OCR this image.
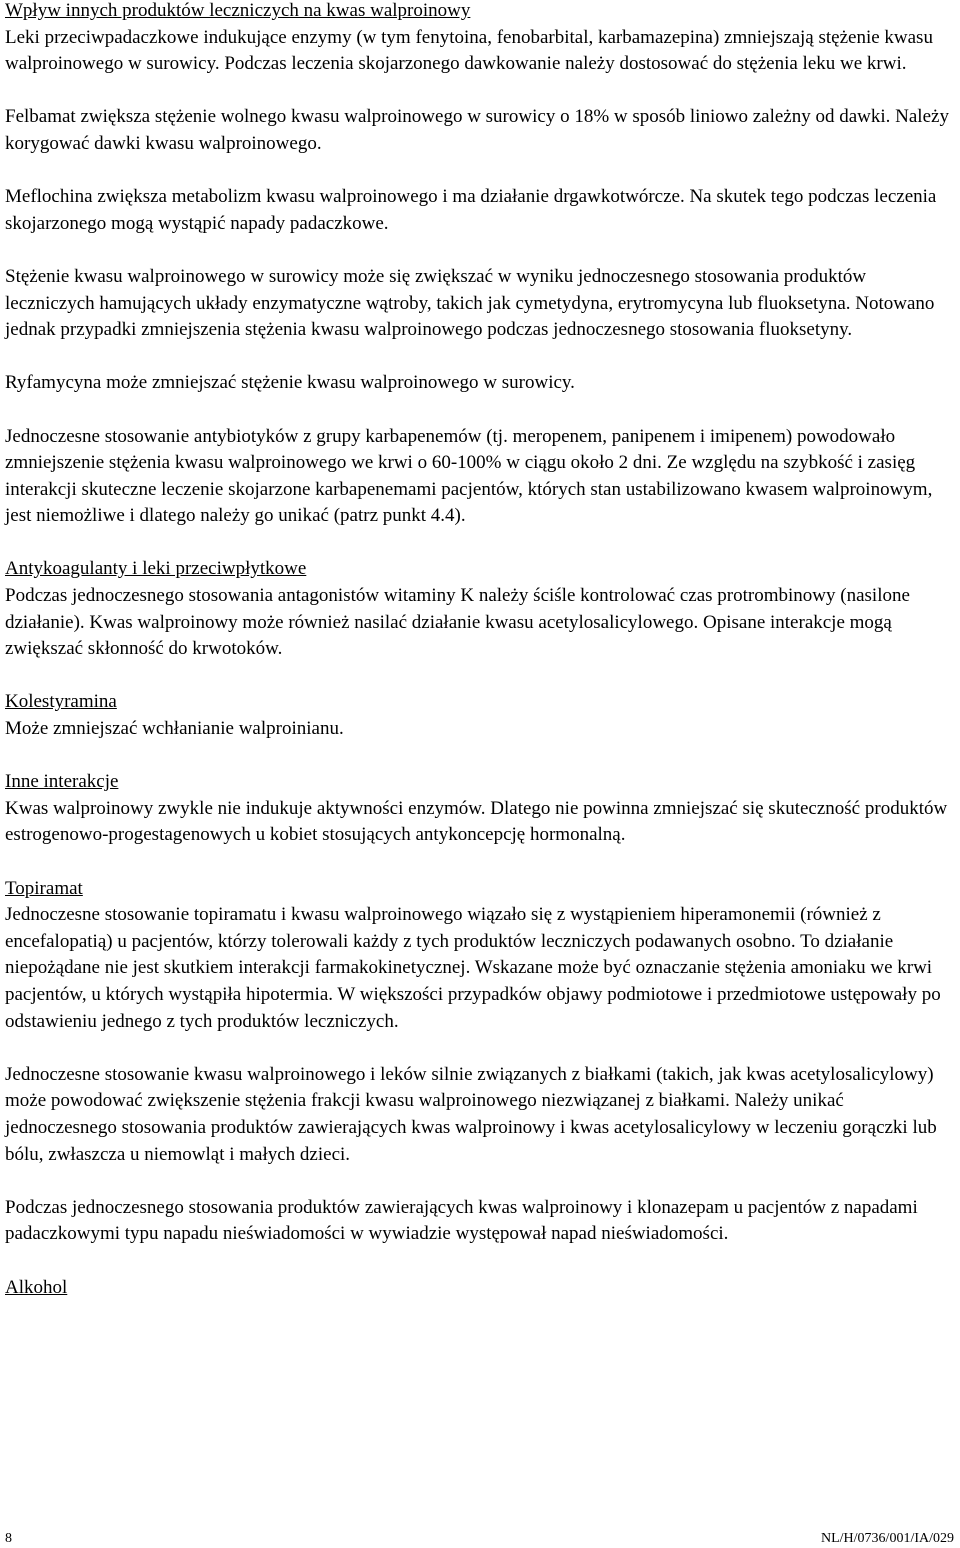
Wpływ innych produktów leczniczych na kwas walproinowy

Leki przeciwpadaczkowe indukujące enzymy (w tym fenytoina, fenobarbital, karbamazepina) zmniejszają stężenie kwasu walproinowego w surowicy. Podczas leczenia skojarzonego dawkowanie należy dostosować do stężenia leku we krwi.

Felbamat zwiększa stężenie wolnego kwasu walproinowego w surowicy o 18% w sposób liniowo zależny od dawki. Należy korygować dawki kwasu walproinowego.

Meflochina zwiększa metabolizm kwasu walproinowego i ma działanie drgawkotwórcze. Na skutek tego podczas leczenia skojarzonego mogą wystąpić napady padaczkowe.

Stężenie kwasu walproinowego w surowicy może się zwiększać w wyniku jednoczesnego stosowania produktów leczniczych hamujących układy enzymatyczne wątroby, takich jak cymetydyna, erytromycyna lub fluoksetyna. Notowano jednak przypadki zmniejszenia stężenia kwasu walproinowego podczas jednoczesnego stosowania fluoksetyny.

Ryfamycyna może zmniejszać stężenie kwasu walproinowego w surowicy.

Jednoczesne stosowanie antybiotyków z grupy karbapenemów (tj. meropenem, panipenem i imipenem) powodowało zmniejszenie stężenia kwasu walproinowego we krwi o 60-100% w ciągu około 2 dni. Ze względu na szybkość i zasięg interakcji skuteczne leczenie skojarzone karbapenemami pacjentów, których stan ustabilizowano kwasem walproinowym, jest niemożliwe i dlatego należy go unikać (patrz punkt 4.4).

Antykoagulanty i leki przeciwpłytkowe

Podczas jednoczesnego stosowania antagonistów witaminy K należy ściśle kontrolować czas protrombinowy (nasilone działanie). Kwas walproinowy może również nasilać działanie kwasu acetylosalicylowego. Opisane interakcje mogą zwiększać skłonność do krwotoków.

Kolestyramina

Może zmniejszać wchłanianie walproinianu.

Inne interakcje

Kwas walproinowy zwykle nie indukuje aktywności enzymów. Dlatego nie powinna zmniejszać się skuteczność produktów estrogenowo-progestagenowych u kobiet stosujących antykoncepcję hormonalną.

Topiramat

Jednoczesne stosowanie topiramatu i kwasu walproinowego wiązało się z wystąpieniem hiperamonemii (również z encefalopatią) u pacjentów, którzy tolerowali każdy z tych produktów leczniczych podawanych osobno. To działanie niepożądane nie jest skutkiem interakcji farmakokinetycznej. Wskazane może być oznaczanie stężenia amoniaku we krwi pacjentów, u których wystąpiła hipotermia. W większości przypadków objawy podmiotowe i przedmiotowe ustępowały po odstawieniu jednego z tych produktów leczniczych.

Jednoczesne stosowanie kwasu walproinowego i leków silnie związanych z białkami (takich, jak kwas acetylosalicylowy) może powodować zwiększenie stężenia frakcji kwasu walproinowego niezwiązanej z białkami. Należy unikać jednoczesnego stosowania produktów zawierających kwas walproinowy i kwas acetylosalicylowy w leczeniu gorączki lub bólu, zwłaszcza u niemowląt i małych dzieci.

Podczas jednoczesnego stosowania produktów zawierających kwas walproinowy i klonazepam u pacjentów z napadami padaczkowymi typu napadu nieświadomości w wywiadzie występował napad nieświadomości.

Alkohol
8	NL/H/0736/001/IA/029
